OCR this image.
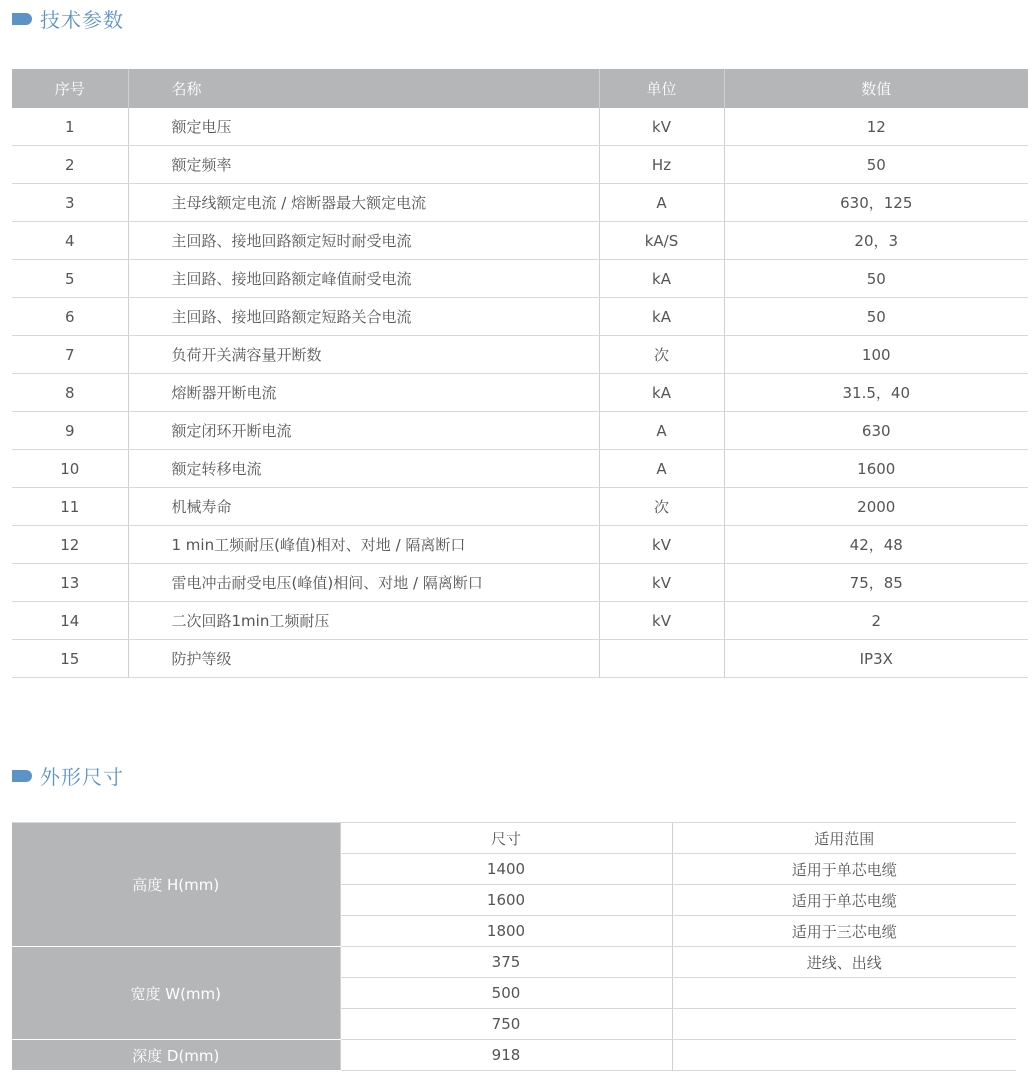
技术参数
序号	名称	单位	数值
1	额定电压	kV	12
2	额定频率	Hz	50
3	主母线额定电流 / 熔断器最大额定电流	A	630，125
4	主回路、接地回路额定短时耐受电流	kA/S	20，3
5	主回路、接地回路额定峰值耐受电流	kA	50
6	主回路、接地回路额定短路关合电流	kA	50
7	负荷开关满容量开断数	次	100
8	熔断器开断电流	kA	31.5，40
9	额定闭环开断电流	A	630
10	额定转移电流	A	1600
11	机械寿命	次	2000
12	1 min工频耐压(峰值)相对、对地 / 隔离断口	kV	42，48
13	雷电冲击耐受电压(峰值)相间、对地 / 隔离断口	kV	75，85
14	二次回路1min工频耐压	kV	2
15	防护等级		IP3X
外形尺寸
高度 H(mm)	尺寸	适用范围
	1400	适用于单芯电缆
	1600	适用于单芯电缆
	1800	适用于三芯电缆
宽度 W(mm)	375	进线、出线
	500	
	750	
深度 D(mm)	918	
